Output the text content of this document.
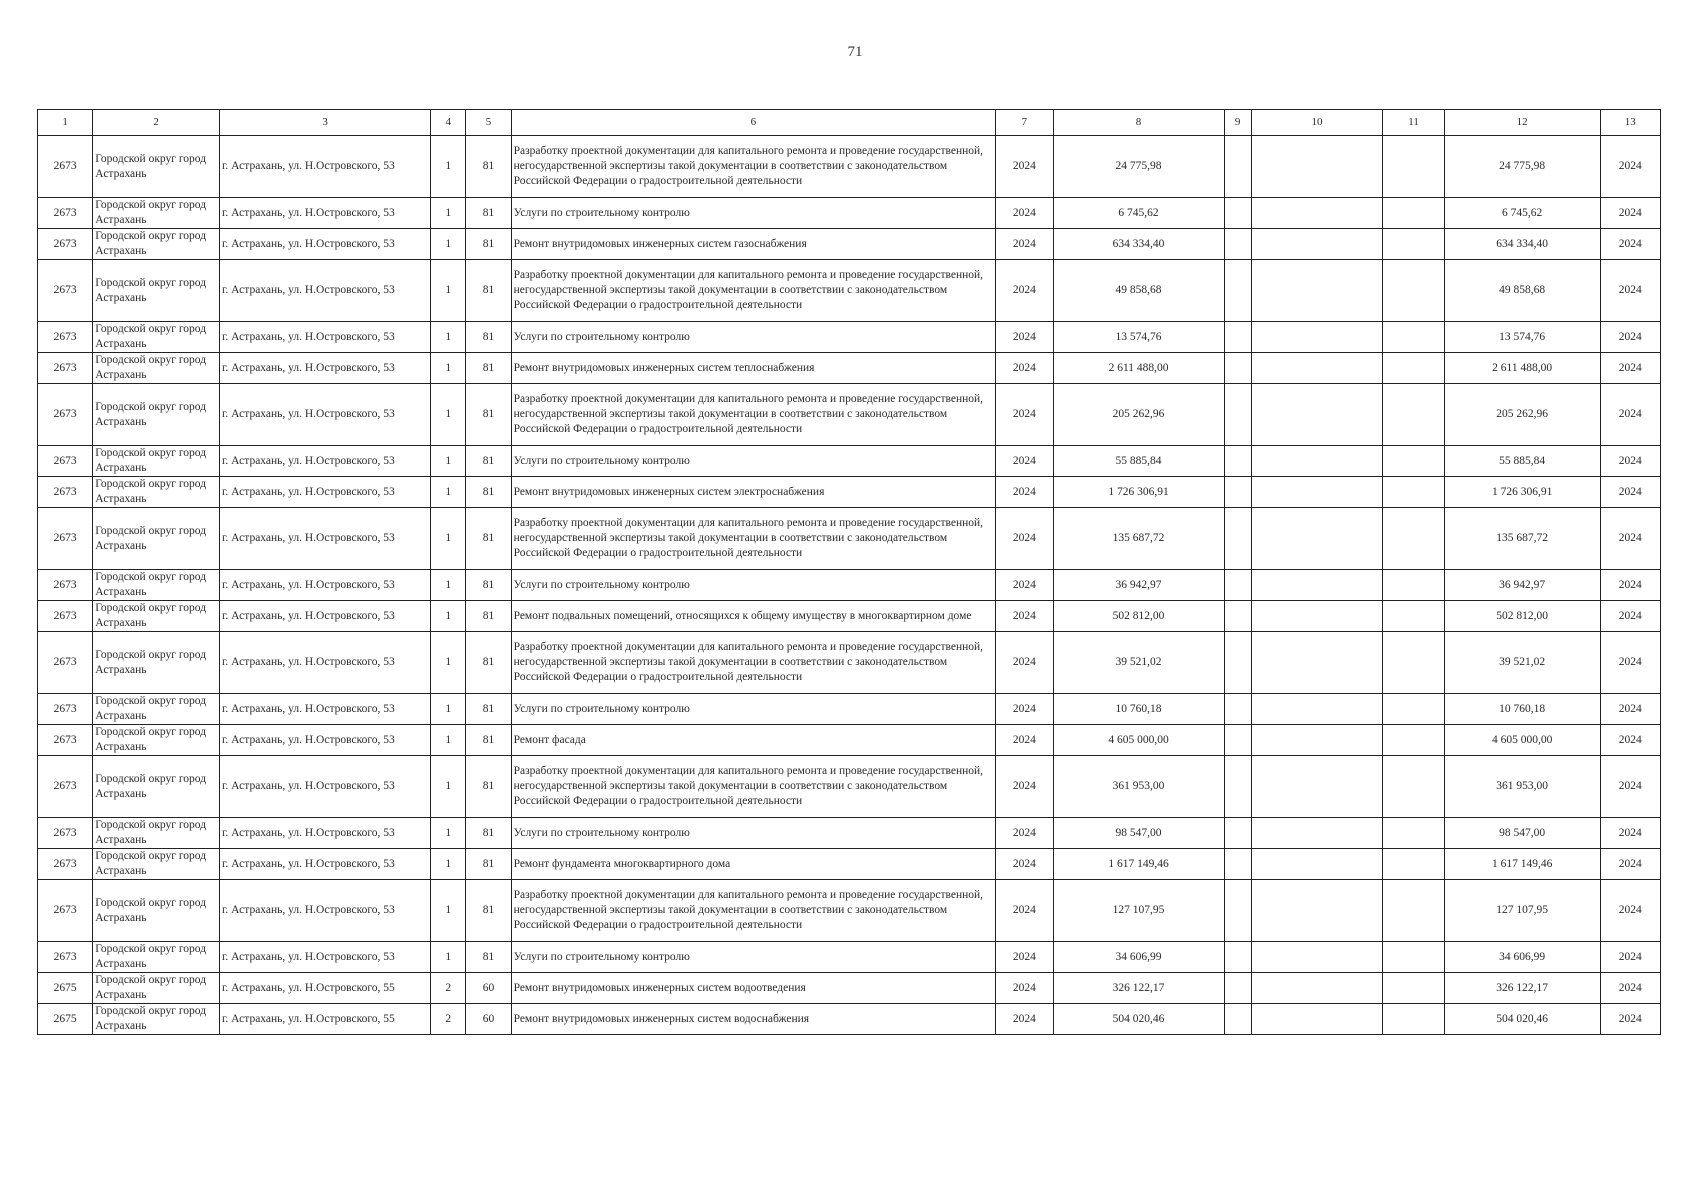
71
1	2	3	4	5	6	7	8	9	10	11	12	13

2673	Городской округ город Астрахань	г. Астрахань, ул. Н.Островского, 53	1	81	Разработку проектной документации для капитального ремонта и проведение государственной, негосударственной экспертизы такой документации в соответствии с законодательством Российской Федерации о градостроительной деятельности	2024	24 775,98				24 775,98	2024

2673	Городской округ город Астрахань	г. Астрахань, ул. Н.Островского, 53	1	81	Услуги по строительному контролю	2024	6 745,62				6 745,62	2024

2673	Городской округ город Астрахань	г. Астрахань, ул. Н.Островского, 53	1	81	Ремонт внутридомовых инженерных систем газоснабжения	2024	634 334,40				634 334,40	2024

2673	Городской округ город Астрахань	г. Астрахань, ул. Н.Островского, 53	1	81	Разработку проектной документации для капитального ремонта и проведение государственной, негосударственной экспертизы такой документации в соответствии с законодательством Российской Федерации о градостроительной деятельности	2024	49 858,68				49 858,68	2024

2673	Городской округ город Астрахань	г. Астрахань, ул. Н.Островского, 53	1	81	Услуги по строительному контролю	2024	13 574,76				13 574,76	2024

2673	Городской округ город Астрахань	г. Астрахань, ул. Н.Островского, 53	1	81	Ремонт внутридомовых инженерных систем теплоснабжения	2024	2 611 488,00				2 611 488,00	2024

2673	Городской округ город Астрахань	г. Астрахань, ул. Н.Островского, 53	1	81	Разработку проектной документации для капитального ремонта и проведение государственной, негосударственной экспертизы такой документации в соответствии с законодательством Российской Федерации о градостроительной деятельности	2024	205 262,96				205 262,96	2024

2673	Городской округ город Астрахань	г. Астрахань, ул. Н.Островского, 53	1	81	Услуги по строительному контролю	2024	55 885,84				55 885,84	2024

2673	Городской округ город Астрахань	г. Астрахань, ул. Н.Островского, 53	1	81	Ремонт внутридомовых инженерных систем электроснабжения	2024	1 726 306,91				1 726 306,91	2024

2673	Городской округ город Астрахань	г. Астрахань, ул. Н.Островского, 53	1	81	Разработку проектной документации для капитального ремонта и проведение государственной, негосударственной экспертизы такой документации в соответствии с законодательством Российской Федерации о градостроительной деятельности	2024	135 687,72				135 687,72	2024

2673	Городской округ город Астрахань	г. Астрахань, ул. Н.Островского, 53	1	81	Услуги по строительному контролю	2024	36 942,97				36 942,97	2024

2673	Городской округ город Астрахань	г. Астрахань, ул. Н.Островского, 53	1	81	Ремонт подвальных помещений, относящихся к общему имуществу в многоквартирном доме	2024	502 812,00				502 812,00	2024

2673	Городской округ город Астрахань	г. Астрахань, ул. Н.Островского, 53	1	81	Разработку проектной документации для капитального ремонта и проведение государственной, негосударственной экспертизы такой документации в соответствии с законодательством Российской Федерации о градостроительной деятельности	2024	39 521,02				39 521,02	2024

2673	Городской округ город Астрахань	г. Астрахань, ул. Н.Островского, 53	1	81	Услуги по строительному контролю	2024	10 760,18				10 760,18	2024

2673	Городской округ город Астрахань	г. Астрахань, ул. Н.Островского, 53	1	81	Ремонт фасада	2024	4 605 000,00				4 605 000,00	2024

2673	Городской округ город Астрахань	г. Астрахань, ул. Н.Островского, 53	1	81	Разработку проектной документации для капитального ремонта и проведение государственной, негосударственной экспертизы такой документации в соответствии с законодательством Российской Федерации о градостроительной деятельности	2024	361 953,00				361 953,00	2024

2673	Городской округ город Астрахань	г. Астрахань, ул. Н.Островского, 53	1	81	Услуги по строительному контролю	2024	98 547,00				98 547,00	2024

2673	Городской округ город Астрахань	г. Астрахань, ул. Н.Островского, 53	1	81	Ремонт фундамента многоквартирного дома	2024	1 617 149,46				1 617 149,46	2024

2673	Городской округ город Астрахань	г. Астрахань, ул. Н.Островского, 53	1	81	Разработку проектной документации для капитального ремонта и проведение государственной, негосударственной экспертизы такой документации в соответствии с законодательством Российской Федерации о градостроительной деятельности	2024	127 107,95				127 107,95	2024

2673	Городской округ город Астрахань	г. Астрахань, ул. Н.Островского, 53	1	81	Услуги по строительному контролю	2024	34 606,99				34 606,99	2024

2675	Городской округ город Астрахань	г. Астрахань, ул. Н.Островского, 55	2	60	Ремонт внутридомовых инженерных систем водоотведения	2024	326 122,17				326 122,17	2024

2675	Городской округ город Астрахань	г. Астрахань, ул. Н.Островского, 55	2	60	Ремонт внутридомовых инженерных систем водоснабжения	2024	504 020,46				504 020,46	2024
